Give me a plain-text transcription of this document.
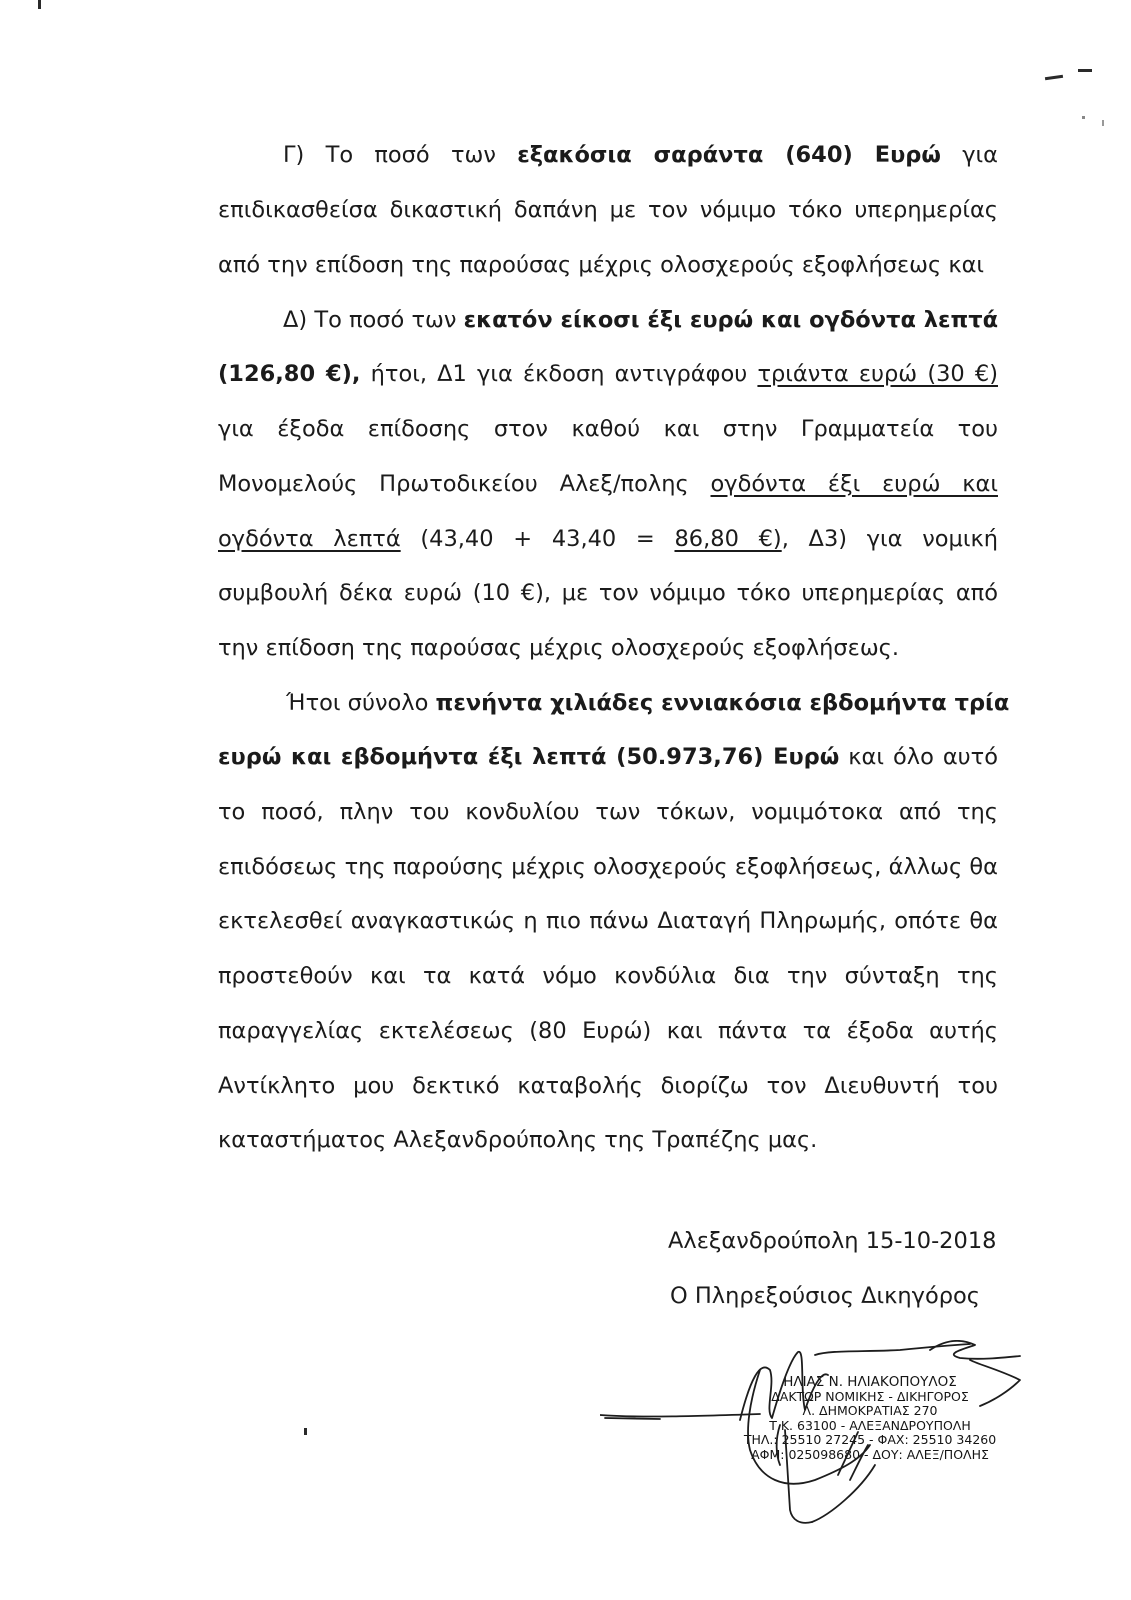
Γ) Το ποσό των εξακόσια σαράντα (640) Ευρώ για
επιδικασθείσα δικαστική δαπάνη με τον νόμιμο τόκο υπερημερίας
από την επίδοση της παρούσας μέχρις ολοσχερούς εξοφλήσεως και
Δ) Το ποσό των εκατόν είκοσι έξι ευρώ και ογδόντα λεπτά
(126,80 €), ήτοι, Δ1 για έκδοση αντιγράφου τριάντα ευρώ (30 €)
για έξοδα επίδοσης στον καθού και στην Γραμματεία του
Μονομελούς Πρωτοδικείου Αλεξ/πολης ογδόντα έξι ευρώ και
ογδόντα λεπτά (43,40 + 43,40 = 86,80 €), Δ3) για νομική
συμβουλή δέκα ευρώ (10 €), με τον νόμιμο τόκο υπερημερίας από
την επίδοση της παρούσας μέχρις ολοσχερούς εξοφλήσεως.
Ήτοι σύνολο πενήντα χιλιάδες εννιακόσια εβδομήντα τρία
ευρώ και εβδομήντα έξι λεπτά (50.973,76) Ευρώ και όλο αυτό
το ποσό, πλην του κονδυλίου των τόκων, νομιμότοκα από της
επιδόσεως της παρούσης μέχρις ολοσχερούς εξοφλήσεως, άλλως θα
εκτελεσθεί αναγκαστικώς η πιο πάνω Διαταγή Πληρωμής, οπότε θα
προστεθούν και τα κατά νόμο κονδύλια δια την σύνταξη της
παραγγελίας εκτελέσεως (80 Ευρώ) και πάντα τα έξοδα αυτής
Αντίκλητο μου δεκτικό καταβολής διορίζω τον Διευθυντή του
καταστήματος Αλεξανδρούπολης της Τραπέζης μας.
Αλεξανδρούπολη 15-10-2018
Ο Πληρεξούσιος Δικηγόρος
ΗΛΙΑΣ Ν. ΗΛΙΑΚΟΠΟΥΛΟΣ
ΔΑΚΤΩΡ ΝΟΜΙΚΗΣ - ΔΙΚΗΓΟΡΟΣ
Λ. ΔΗΜΟΚΡΑΤΙΑΣ 270
Τ.Κ. 63100 - ΑΛΕΞΑΝΔΡΟΥΠΟΛΗ
ΤΗΛ.: 25510 27245 - ΦΑΧ: 25510 34260
ΑΦΜ: 025098680 - ΔΟΥ: ΑΛΕΞ/ΠΟΛΗΣ
